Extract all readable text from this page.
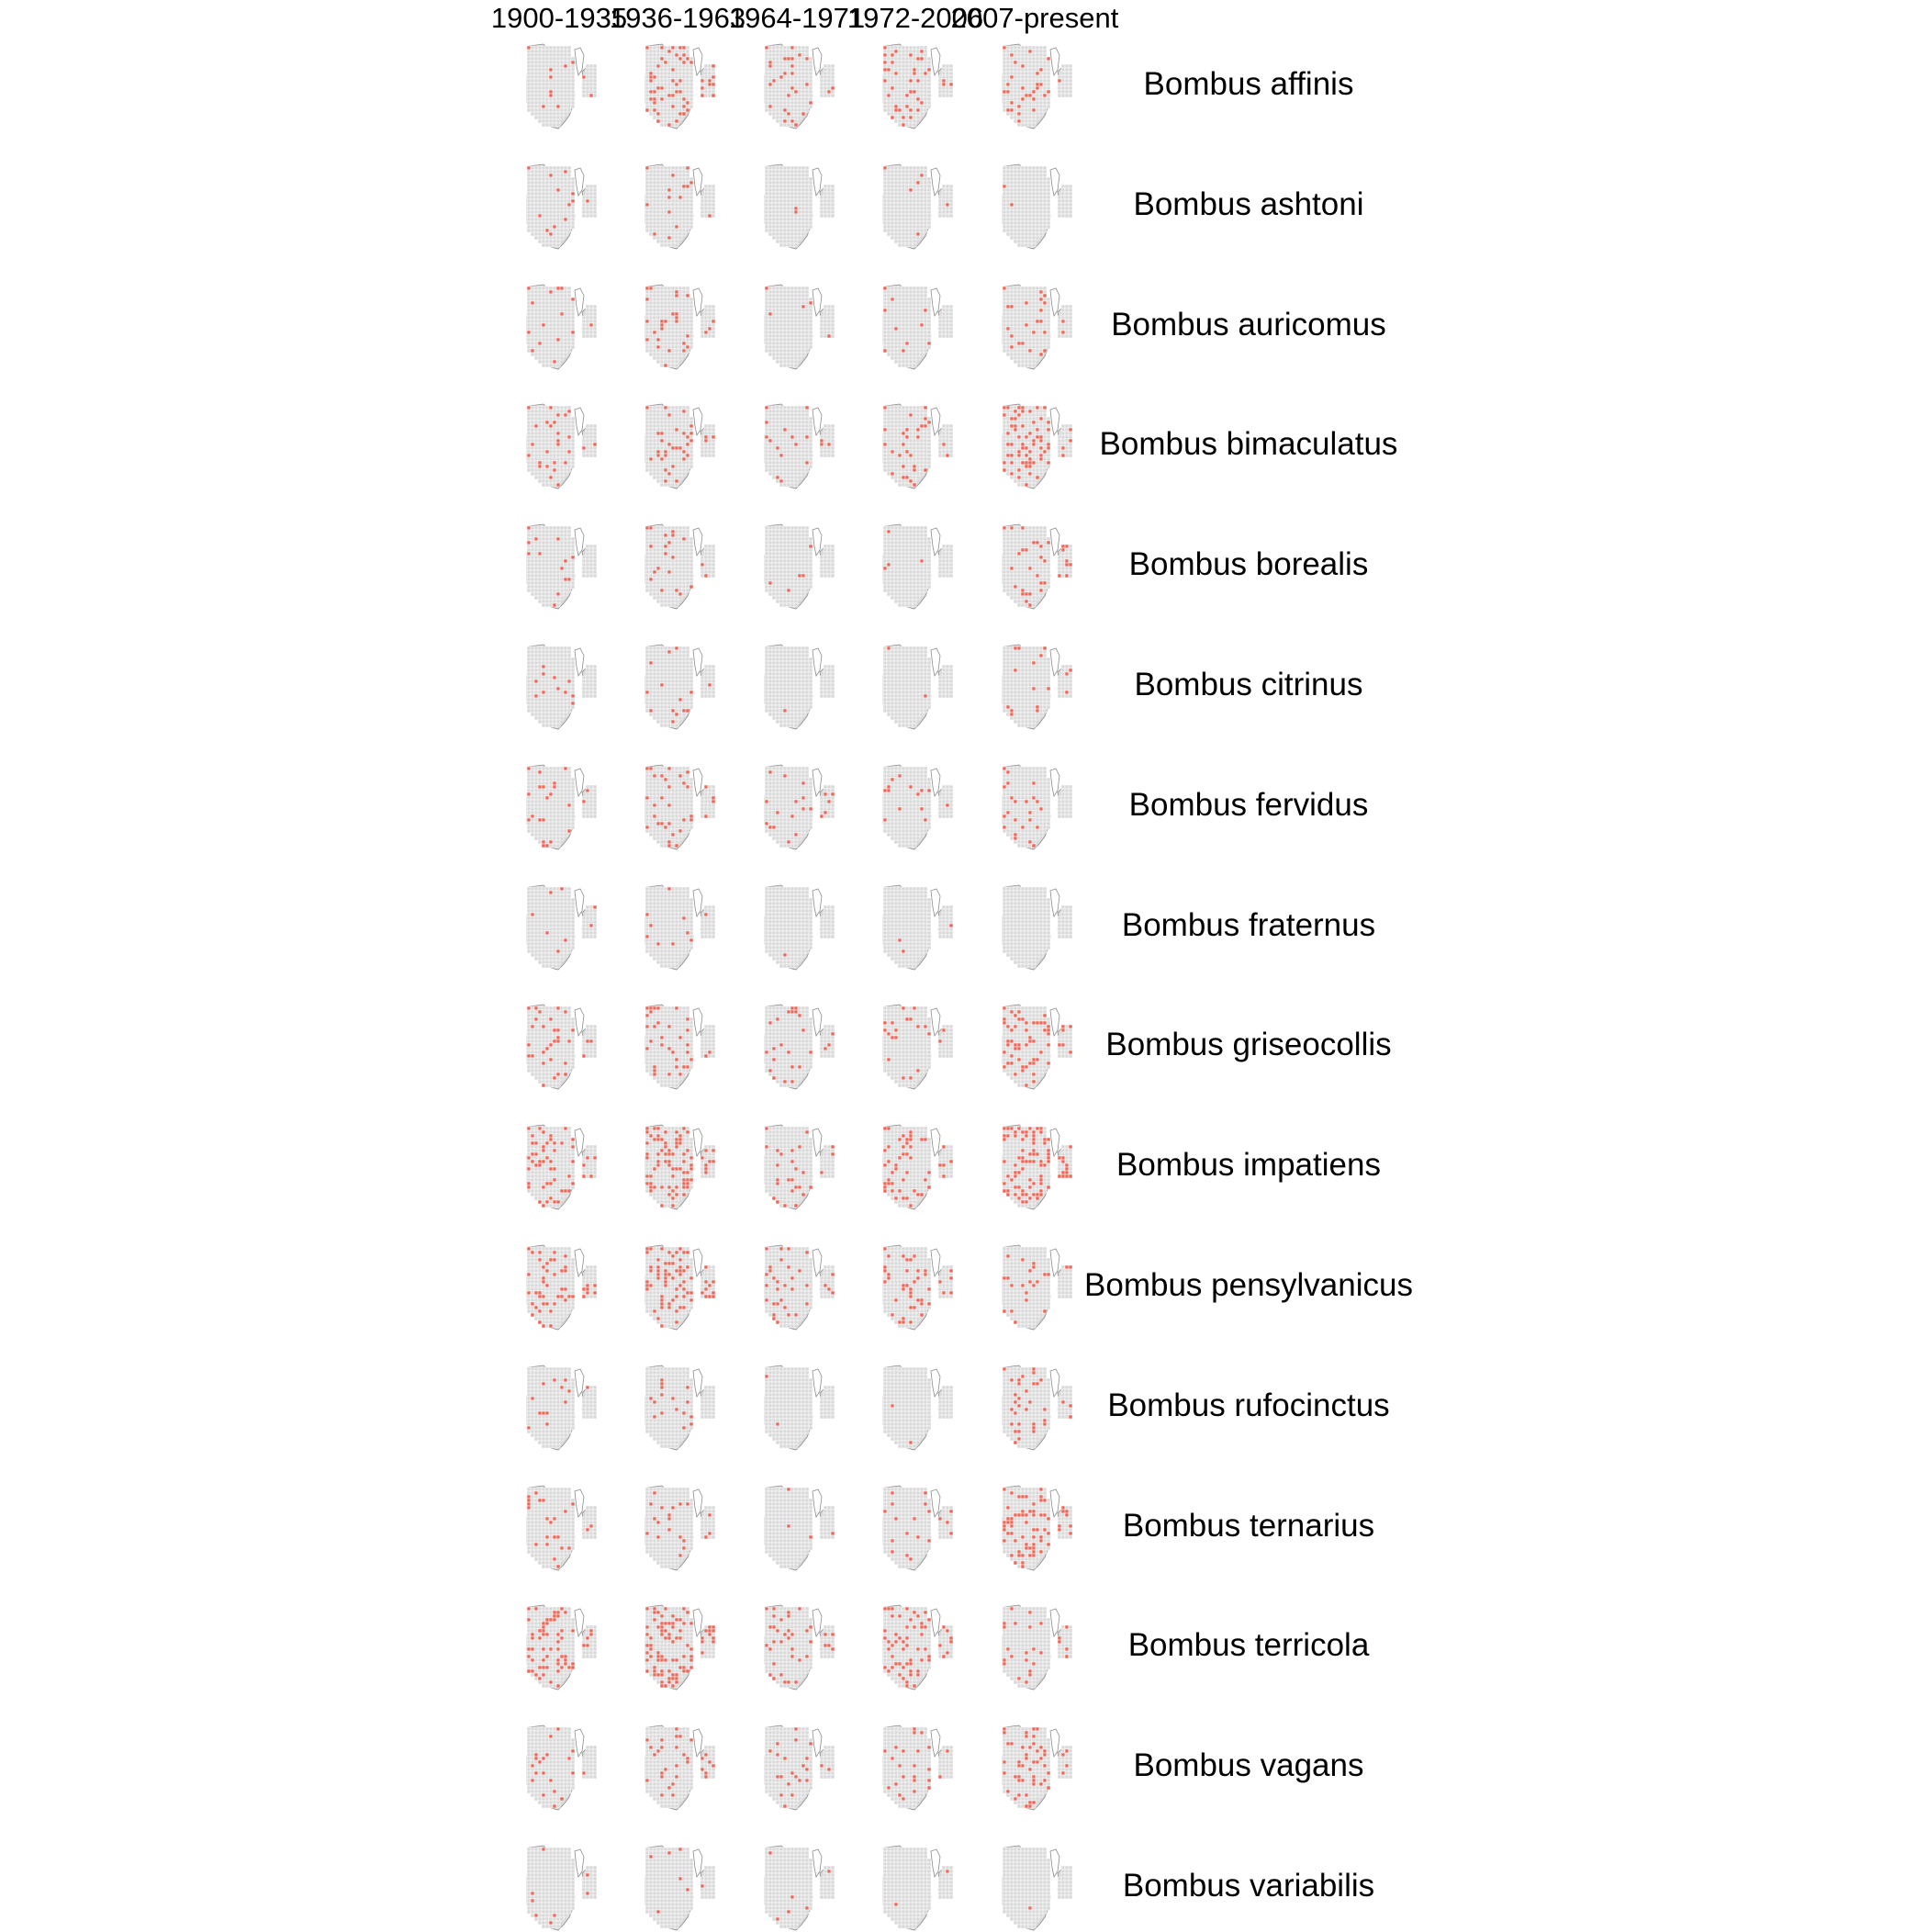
1900-1935
1936-1963
1964-1971
1972-2006
2007-present
Bombus affinis
Bombus ashtoni
Bombus auricomus
Bombus bimaculatus
Bombus borealis
Bombus citrinus
Bombus fervidus
Bombus fraternus
Bombus griseocollis
Bombus impatiens
Bombus pensylvanicus
Bombus rufocinctus
Bombus ternarius
Bombus terricola
Bombus vagans
Bombus variabilis
